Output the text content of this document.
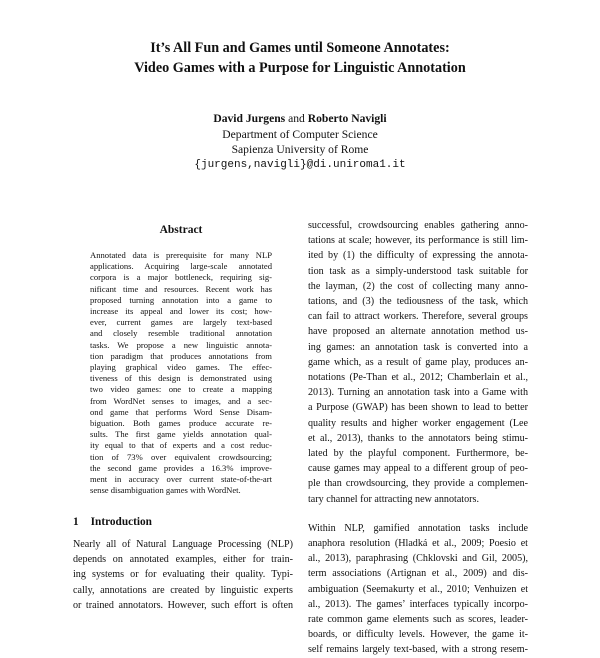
It’s All Fun and Games until Someone Annotates:
Video Games with a Purpose for Linguistic Annotation
David Jurgens and Roberto Navigli
Department of Computer Science
Sapienza University of Rome
{jurgens,navigli}@di.uniroma1.it
Abstract
Annotated data is prerequisite for many NLP
applications. Acquiring large-scale annotated
corpora is a major bottleneck, requiring sig-
nificant time and resources. Recent work has
proposed turning annotation into a game to
increase its appeal and lower its cost; how-
ever, current games are largely text-based
and closely resemble traditional annotation
tasks. We propose a new linguistic annota-
tion paradigm that produces annotations from
playing graphical video games. The effec-
tiveness of this design is demonstrated using
two video games: one to create a mapping
from WordNet senses to images, and a sec-
ond game that performs Word Sense Disam-
biguation. Both games produce accurate re-
sults. The first game yields annotation qual-
ity equal to that of experts and a cost reduc-
tion of 73% over equivalent crowdsourcing;
the second game provides a 16.3% improve-
ment in accuracy over current state-of-the-art
sense disambiguation games with WordNet.
1 Introduction
Nearly all of Natural Language Processing (NLP)
depends on annotated examples, either for train-
ing systems or for evaluating their quality. Typi-
cally, annotations are created by linguistic experts
or trained annotators. However, such effort is often
successful, crowdsourcing enables gathering anno-
tations at scale; however, its performance is still lim-
ited by (1) the difficulty of expressing the annota-
tion task as a simply-understood task suitable for
the layman, (2) the cost of collecting many anno-
tations, and (3) the tediousness of the task, which
can fail to attract workers. Therefore, several groups
have proposed an alternate annotation method us-
ing games: an annotation task is converted into a
game which, as a result of game play, produces an-
notations (Pe-Than et al., 2012; Chamberlain et al.,
2013). Turning an annotation task into a Game with
a Purpose (GWAP) has been shown to lead to better
quality results and higher worker engagement (Lee
et al., 2013), thanks to the annotators being stimu-
lated by the playful component. Furthermore, be-
cause games may appeal to a different group of peo-
ple than crowdsourcing, they provide a complemen-
tary channel for attracting new annotators.
Within NLP, gamified annotation tasks include
anaphora resolution (Hladká et al., 2009; Poesio et
al., 2013), paraphrasing (Chklovski and Gil, 2005),
term associations (Artignan et al., 2009) and dis-
ambiguation (Seemakurty et al., 2010; Venhuizen et
al., 2013). The games’ interfaces typically incorpo-
rate common game elements such as scores, leader-
boards, or difficulty levels. However, the game it-
self remains largely text-based, with a strong resem-
